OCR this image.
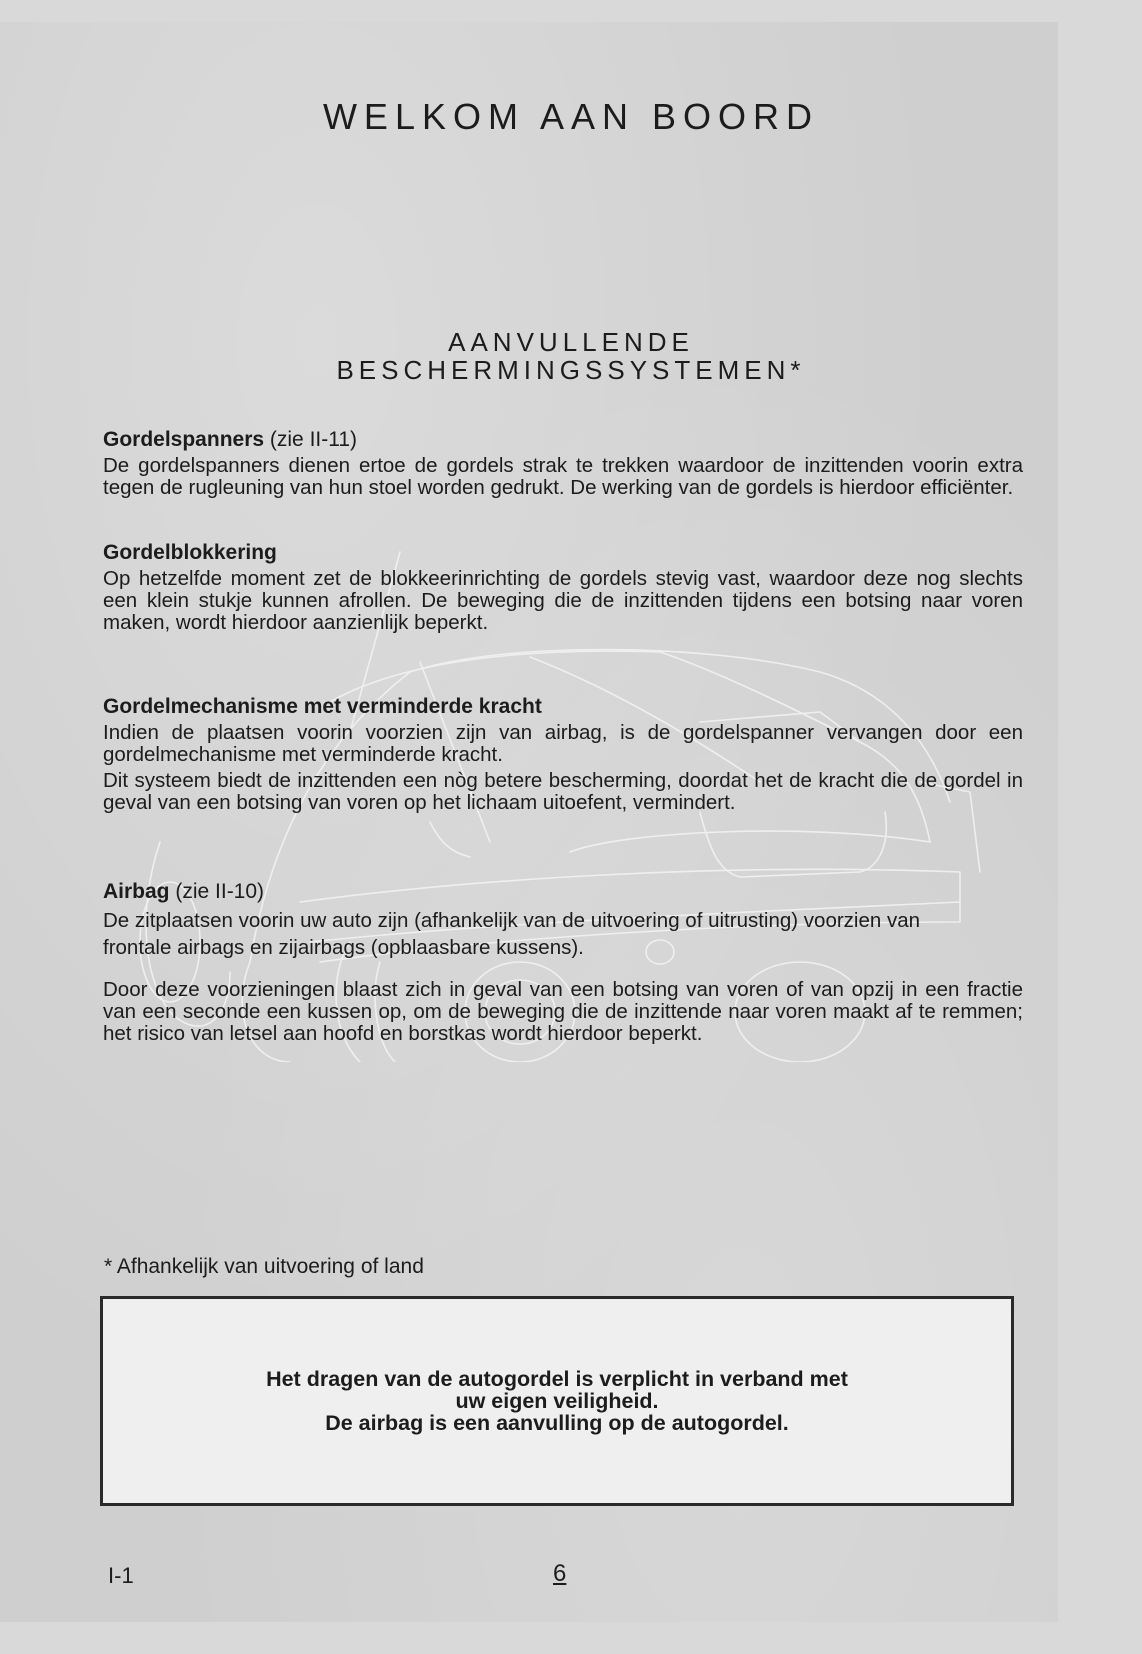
WELKOM AAN BOORD
AANVULLENDE
BESCHERMINGSSYSTEMEN*
Gordelspanners (zie II-11)

De gordelspanners dienen ertoe de gordels strak te trekken waardoor de inzittenden voorin extra tegen de rugleuning van hun stoel worden gedrukt. De werking van de gordels is hierdoor efficiënter.

Gordelblokkering

Op hetzelfde moment zet de blokkeerinrichting de gordels stevig vast, waardoor deze nog slechts een klein stukje kunnen afrollen. De beweging die de inzittenden tijdens een botsing naar voren maken, wordt hierdoor aanzienlijk beperkt.

Gordelmechanisme met verminderde kracht

Indien de plaatsen voorin voorzien zijn van airbag, is de gordelspanner vervangen door een gordelmechanisme met verminderde kracht.

Dit systeem biedt de inzittenden een nòg betere bescherming, doordat het de kracht die de gordel in geval van een botsing van voren op het lichaam uitoefent, vermindert.

Airbag (zie II-10)

De zitplaatsen voorin uw auto zijn (afhankelijk van de uitvoering of uitrusting) voorzien van frontale airbags en zijairbags (opblaasbare kussens).

Door deze voorzieningen blaast zich in geval van een botsing van voren of van opzij in een fractie van een seconde een kussen op, om de beweging die de inzittende naar voren maakt af te remmen; het risico van letsel aan hoofd en borstkas wordt hierdoor beperkt.

* Afhankelijk van uitvoering of land
Het dragen van de autogordel is verplicht in verband met
uw eigen veiligheid.
De airbag is een aanvulling op de autogordel.
I-1	6
